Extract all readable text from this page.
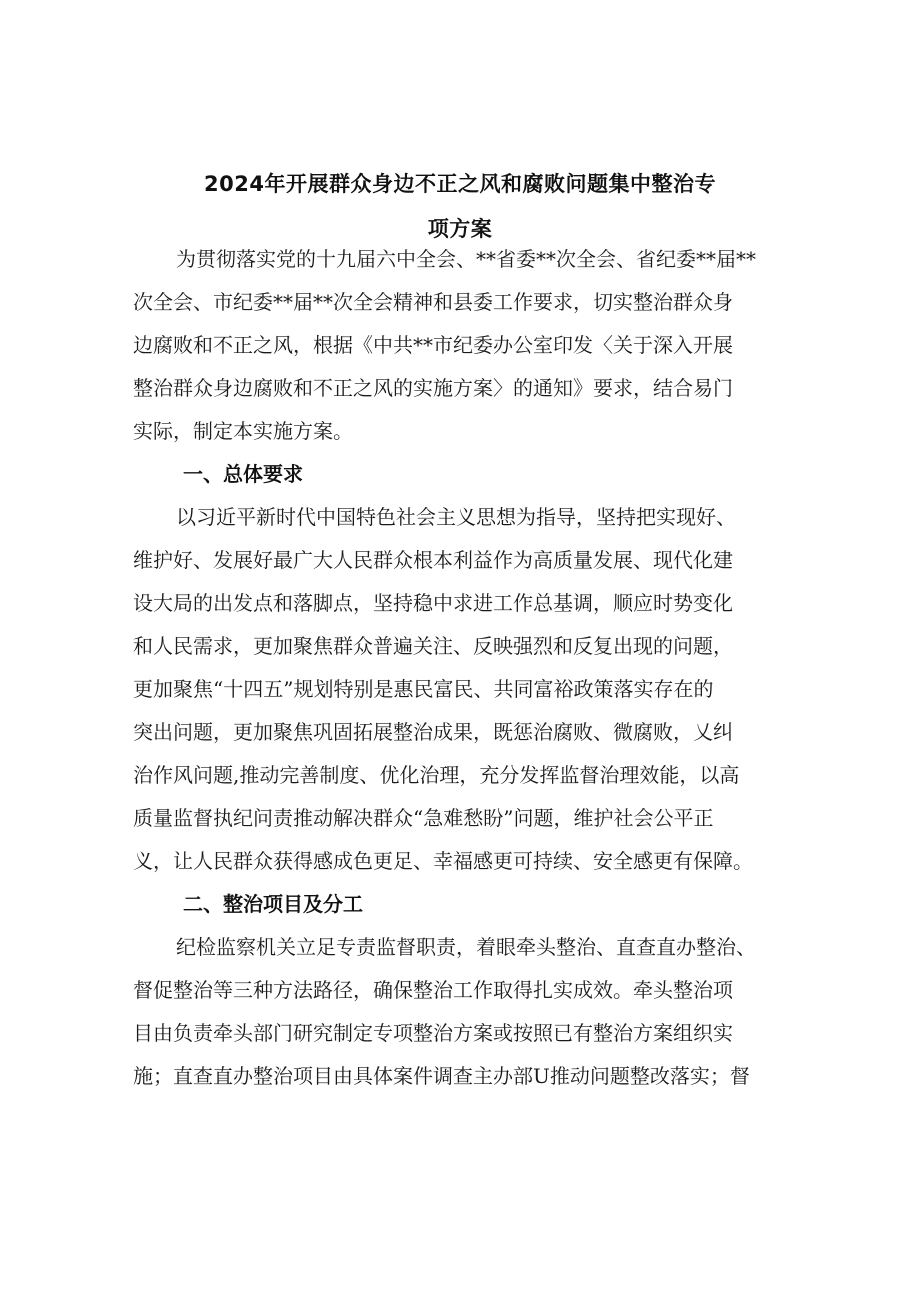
2024年开展群众身边不正之风和腐败问题集中整治专
项方案
为贯彻落实党的十九届六中全会、**省委**次全会、省纪委**届**
次全会、市纪委**届**次全会精神和县委工作要求，切实整治群众身
边腐败和不正之风，根据《中共**市纪委办公室印发〈关于深入开展
整治群众身边腐败和不正之风的实施方案〉的通知》要求，结合易门
实际，制定本实施方案。
一、总体要求
以习近平新时代中国特色社会主义思想为指导，坚持把实现好、
维护好、发展好最广大人民群众根本利益作为高质量发展、现代化建
设大局的出发点和落脚点，坚持稳中求进工作总基调，顺应时势变化
和人民需求，更加聚焦群众普遍关注、反映强烈和反复出现的问题，
更加聚焦“十四五”规划特别是惠民富民、共同富裕政策落实存在的
突出问题，更加聚焦巩固拓展整治成果，既惩治腐败、微腐败，乂纠
治作风问题,推动完善制度、优化治理，充分发挥监督治理效能，以高
质量监督执纪问责推动解决群众“急难愁盼”问题，维护社会公平正
义，让人民群众获得感成色更足、幸福感更可持续、安全感更有保障。
二、整治项目及分工
纪检监察机关立足专责监督职责，着眼牵头整治、直查直办整治、
督促整治等三种方法路径，确保整治工作取得扎实成效。牵头整治项
目由负责牵头部门研究制定专项整治方案或按照已有整治方案组织实
施；直查直办整治项目由具体案件调查主办部U推动问题整改落实；督
